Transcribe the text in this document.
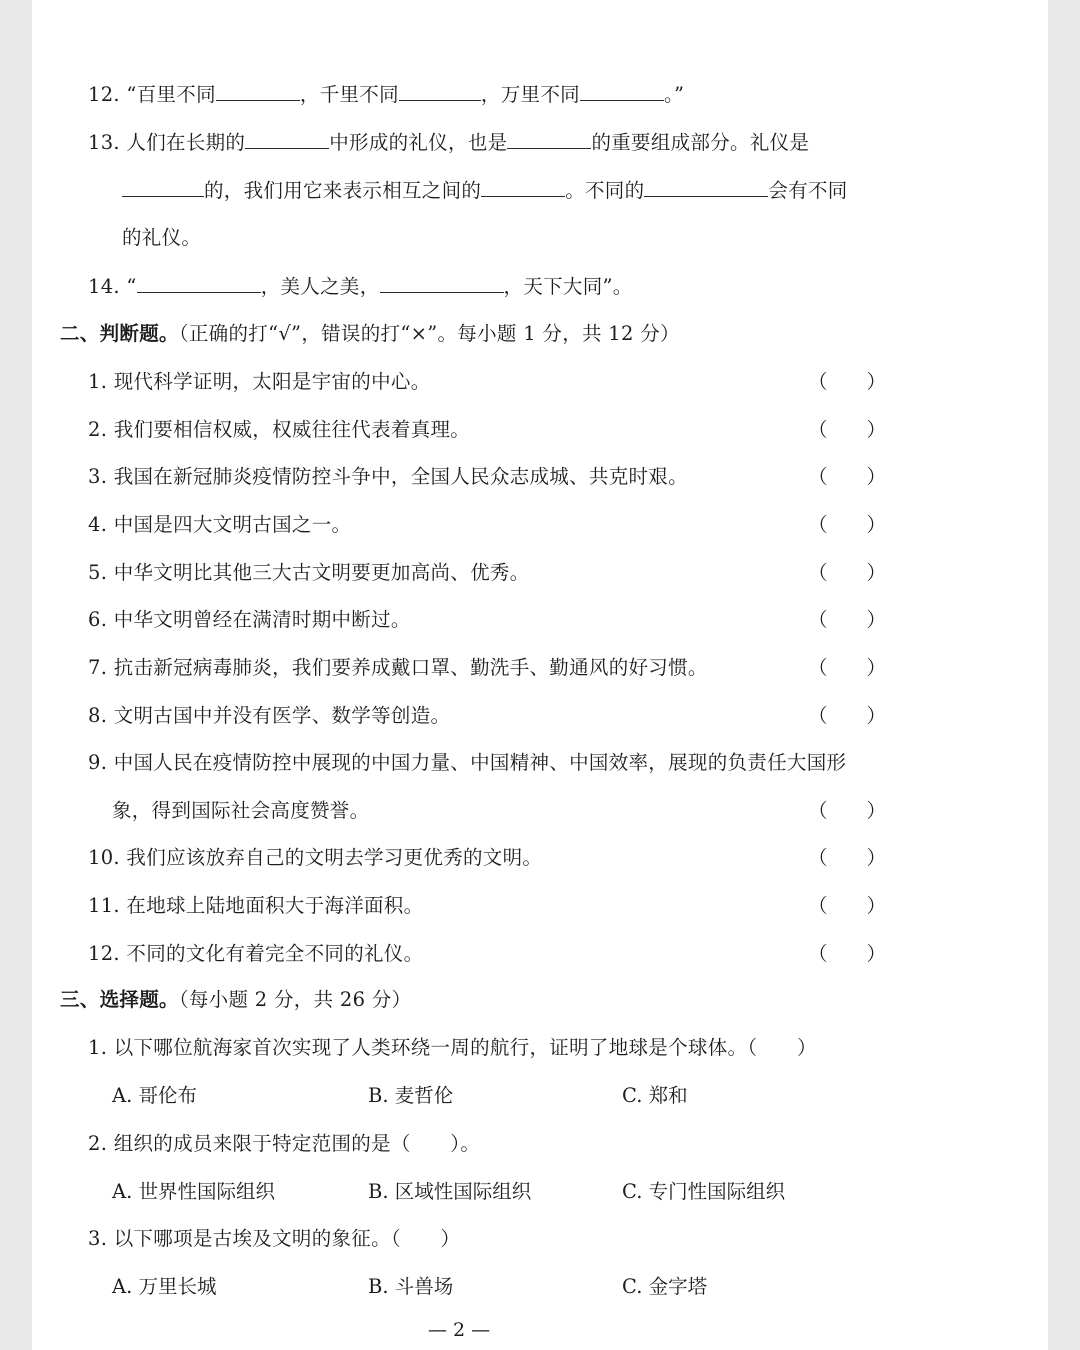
12. “百里不同	，千里不同	，万里不同	。”
13. 人们在长期的	中形成的礼仪，也是	的重要组成部分。礼仪是
的，我们用它来表示相互之间的	。不同的	会有不同
的礼仪。
14. “	，美人之美，	，天下大同”。
二、判断题。（正确的打“√”，错误的打“×”。每小题 1 分，共 12 分）
1. 现代科学证明，太阳是宇宙的中心。	（　　）
2. 我们要相信权威，权威往往代表着真理。	（　　）
3. 我国在新冠肺炎疫情防控斗争中，全国人民众志成城、共克时艰。	（　　）
4. 中国是四大文明古国之一。	（　　）
5. 中华文明比其他三大古文明要更加高尚、优秀。	（　　）
6. 中华文明曾经在满清时期中断过。	（　　）
7. 抗击新冠病毒肺炎，我们要养成戴口罩、勤洗手、勤通风的好习惯。	（　　）
8. 文明古国中并没有医学、数学等创造。	（　　）
9. 中国人民在疫情防控中展现的中国力量、中国精神、中国效率，展现的负责任大国形
象，得到国际社会高度赞誉。	（　　）
10. 我们应该放弃自己的文明去学习更优秀的文明。	（　　）
11. 在地球上陆地面积大于海洋面积。	（　　）
12. 不同的文化有着完全不同的礼仪。	（　　）
三、选择题。（每小题 2 分，共 26 分）
1. 以下哪位航海家首次实现了人类环绕一周的航行，证明了地球是个球体。（　　）
A. 哥伦布	B. 麦哲伦	C. 郑和
2. 组织的成员来限于特定范围的是（　　）。
A. 世界性国际组织	B. 区域性国际组织	C. 专门性国际组织
3. 以下哪项是古埃及文明的象征。（　　）
A. 万里长城	B. 斗兽场	C. 金字塔
— 2 —
